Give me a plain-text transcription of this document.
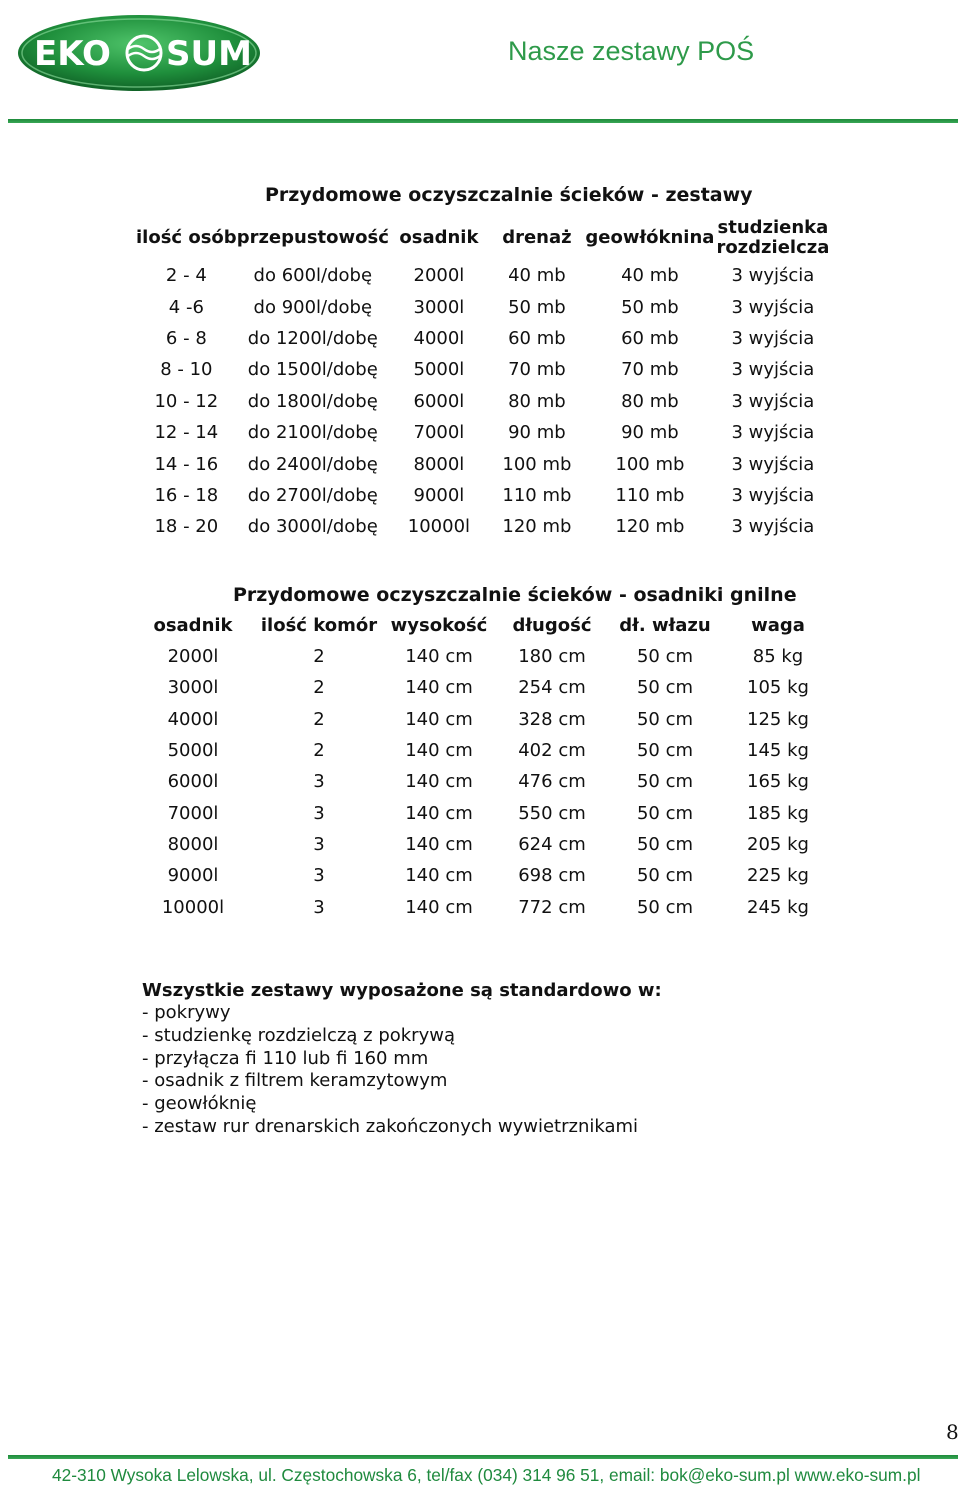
EKO SUM	Nasze zestawy POŚ
Przydomowe oczyszczalnie ścieków - zestawy
ilość osób	przepustowość	osadnik	drenaż	geowłóknina	studzienka rozdzielcza
2 - 4	do 600l/dobę	2000l	40 mb	40 mb	3 wyjścia
4 -6	do 900l/dobę	3000l	50 mb	50 mb	3 wyjścia
6 - 8	do 1200l/dobę	4000l	60 mb	60 mb	3 wyjścia
8 - 10	do 1500l/dobę	5000l	70 mb	70 mb	3 wyjścia
10 - 12	do 1800l/dobę	6000l	80 mb	80 mb	3 wyjścia
12 - 14	do 2100l/dobę	7000l	90 mb	90 mb	3 wyjścia
14 - 16	do 2400l/dobę	8000l	100 mb	100 mb	3 wyjścia
16 - 18	do 2700l/dobę	9000l	110 mb	110 mb	3 wyjścia
18 - 20	do 3000l/dobę	10000l	120 mb	120 mb	3 wyjścia
Przydomowe oczyszczalnie ścieków - osadniki gnilne
osadnik	ilość komór	wysokość	długość	dł. włazu	waga
2000l	2	140 cm	180 cm	50 cm	85 kg
3000l	2	140 cm	254 cm	50 cm	105 kg
4000l	2	140 cm	328 cm	50 cm	125 kg
5000l	2	140 cm	402 cm	50 cm	145 kg
6000l	3	140 cm	476 cm	50 cm	165 kg
7000l	3	140 cm	550 cm	50 cm	185 kg
8000l	3	140 cm	624 cm	50 cm	205 kg
9000l	3	140 cm	698 cm	50 cm	225 kg
10000l	3	140 cm	772 cm	50 cm	245 kg
Wszystkie zestawy wyposażone są standardowo w:
- pokrywy
- studzienkę rozdzielczą z pokrywą
- przyłącza fi 110 lub fi 160 mm
- osadnik z filtrem keramzytowym
- geowłóknię
- zestaw rur drenarskich zakończonych wywietrznikami
8
42-310 Wysoka Lelowska, ul. Częstochowska 6, tel/fax (034) 314 96 51, email: bok@eko-sum.pl www.eko-sum.pl
